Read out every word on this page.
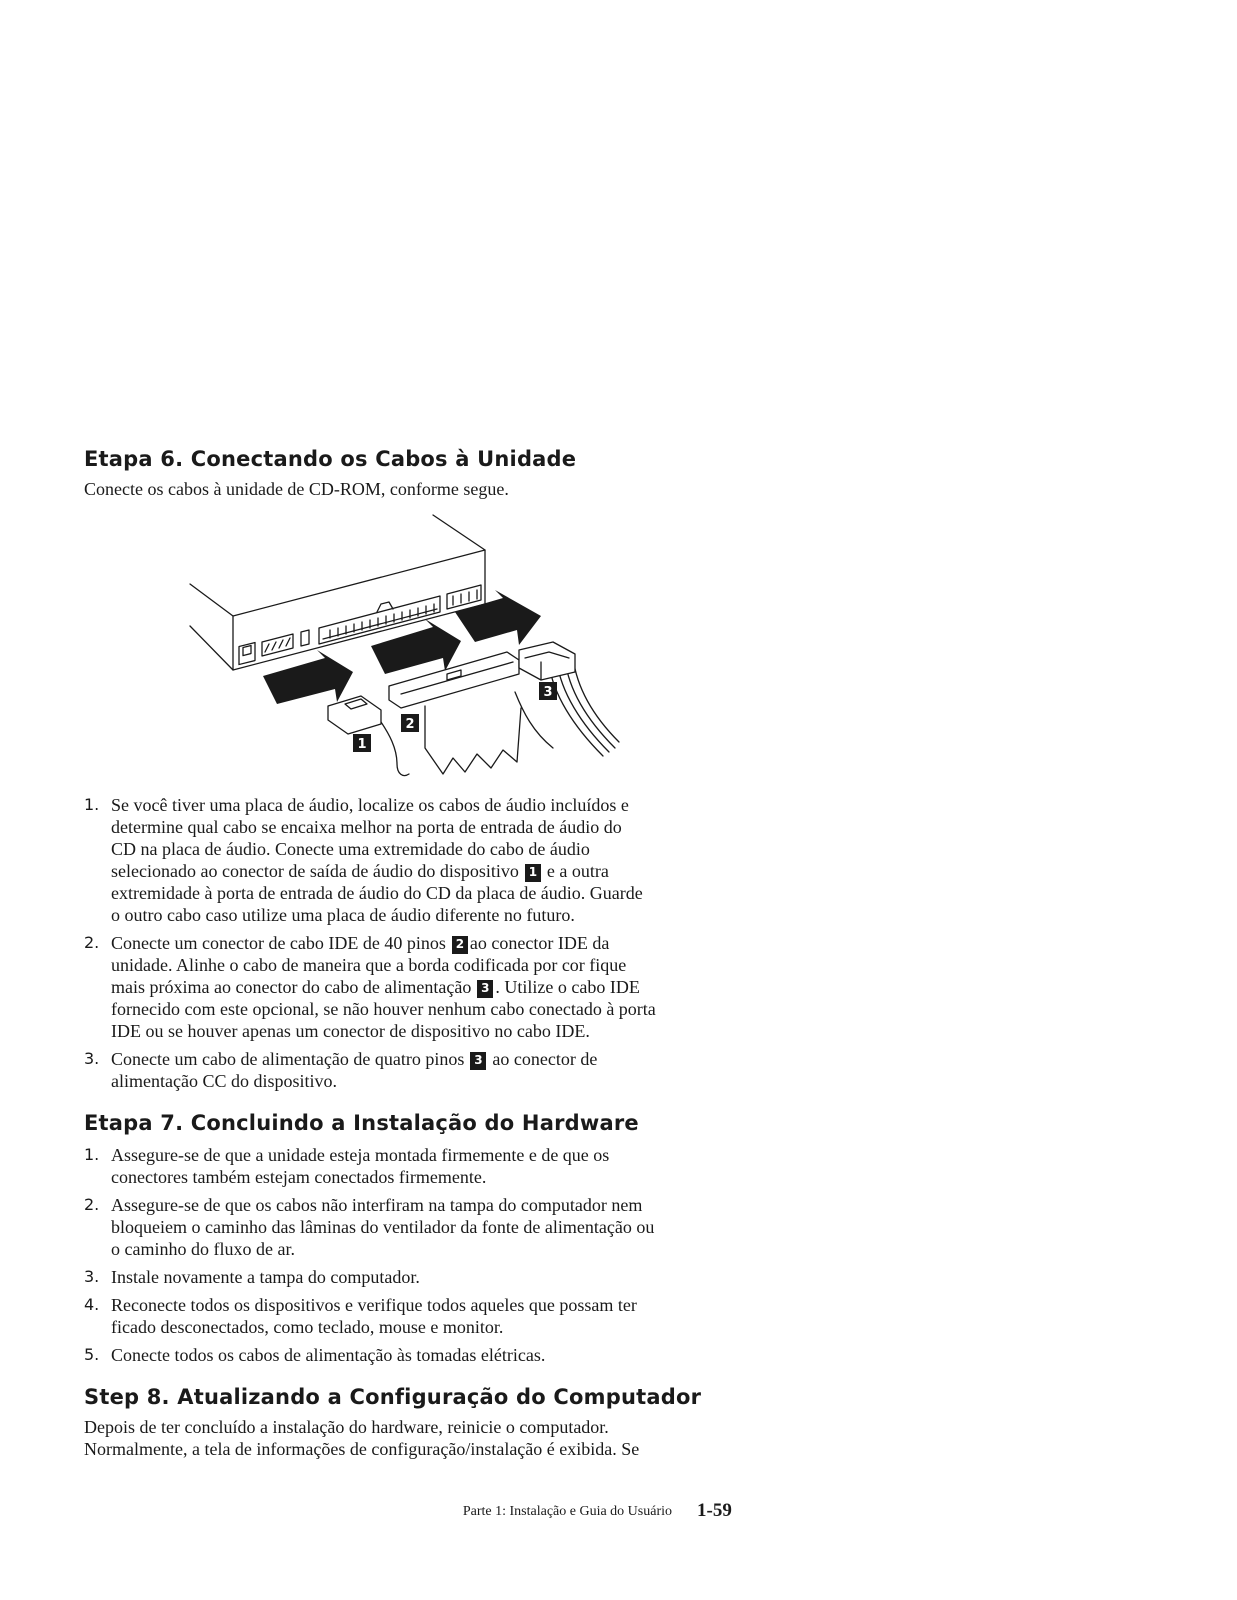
Etapa 6. Conectando os Cabos à Unidade

Conecte os cabos à unidade de CD-ROM, conforme segue.

1
2
3
1. Se você tiver uma placa de áudio, localize os cabos de áudio incluídos e
determine qual cabo se encaixa melhor na porta de entrada de áudio do
CD na placa de áudio. Conecte uma extremidade do cabo de áudio
selecionado ao conector de saída de áudio do dispositivo 1 e a outra
extremidade à porta de entrada de áudio do CD da placa de áudio. Guarde
o outro cabo caso utilize uma placa de áudio diferente no futuro.
2. Conecte um conector de cabo IDE de 40 pinos 2 ao conector IDE da
unidade. Alinhe o cabo de maneira que a borda codificada por cor fique
mais próxima ao conector do cabo de alimentação 3 . Utilize o cabo IDE
fornecido com este opcional, se não houver nenhum cabo conectado à porta
IDE ou se houver apenas um conector de dispositivo no cabo IDE.
3. Conecte um cabo de alimentação de quatro pinos 3 ao conector de
alimentação CC do dispositivo.
Etapa 7. Concluindo a Instalação do Hardware
1. Assegure-se de que a unidade esteja montada firmemente e de que os
conectores também estejam conectados firmemente.
2. Assegure-se de que os cabos não interfiram na tampa do computador nem
bloqueiem o caminho das lâminas do ventilador da fonte de alimentação ou
o caminho do fluxo de ar.
3. Instale novamente a tampa do computador.
4. Reconecte todos os dispositivos e verifique todos aqueles que possam ter
ficado desconectados, como teclado, mouse e monitor.
5. Conecte todos os cabos de alimentação às tomadas elétricas.
Step 8. Atualizando a Configuração do Computador

Depois de ter concluído a instalação do hardware, reinicie o computador.

Normalmente, a tela de informações de configuração/instalação é exibida. Se

Parte 1: Instalação e Guia do Usuário 1-59
